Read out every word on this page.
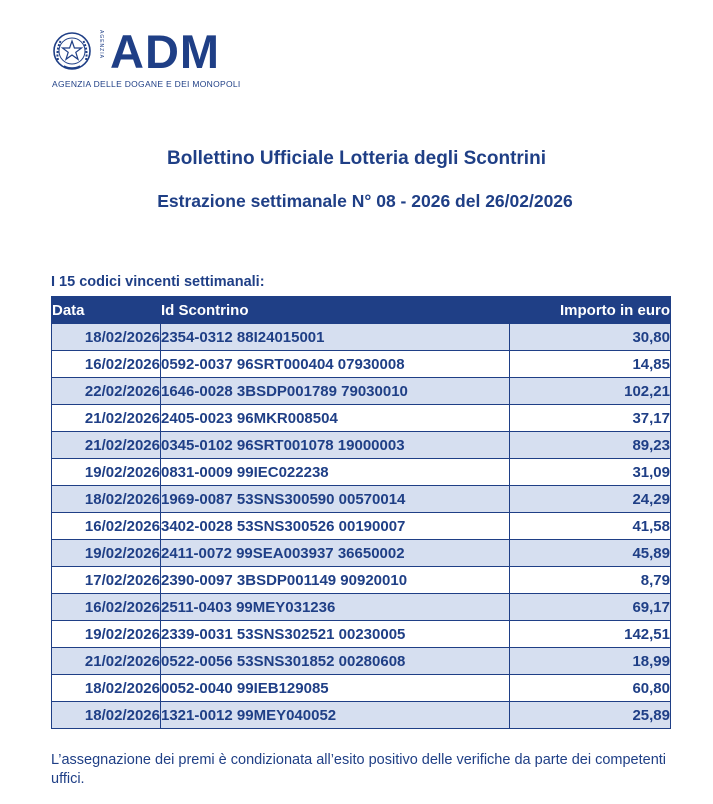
AGENZIA ADM
AGENZIA DELLE DOGANE E DEI MONOPOLI
Bollettino Ufficiale Lotteria degli Scontrini
Estrazione settimanale N° 08 - 2026 del 26/02/2026
I 15 codici vincenti settimanali:
Data	Id Scontrino	Importo in euro
18/02/2026	2354-0312 88I24015001	30,80
16/02/2026	0592-0037 96SRT000404 07930008	14,85
22/02/2026	1646-0028 3BSDP001789 79030010	102,21
21/02/2026	2405-0023 96MKR008504	37,17
21/02/2026	0345-0102 96SRT001078 19000003	89,23
19/02/2026	0831-0009 99IEC022238	31,09
18/02/2026	1969-0087 53SNS300590 00570014	24,29
16/02/2026	3402-0028 53SNS300526 00190007	41,58
19/02/2026	2411-0072 99SEA003937 36650002	45,89
17/02/2026	2390-0097 3BSDP001149 90920010	8,79
16/02/2026	2511-0403 99MEY031236	69,17
19/02/2026	2339-0031 53SNS302521 00230005	142,51
21/02/2026	0522-0056 53SNS301852 00280608	18,99
18/02/2026	0052-0040 99IEB129085	60,80
18/02/2026	1321-0012 99MEY040052	25,89
L’assegnazione dei premi è condizionata all’esito positivo delle verifiche da parte dei competenti uffici.
